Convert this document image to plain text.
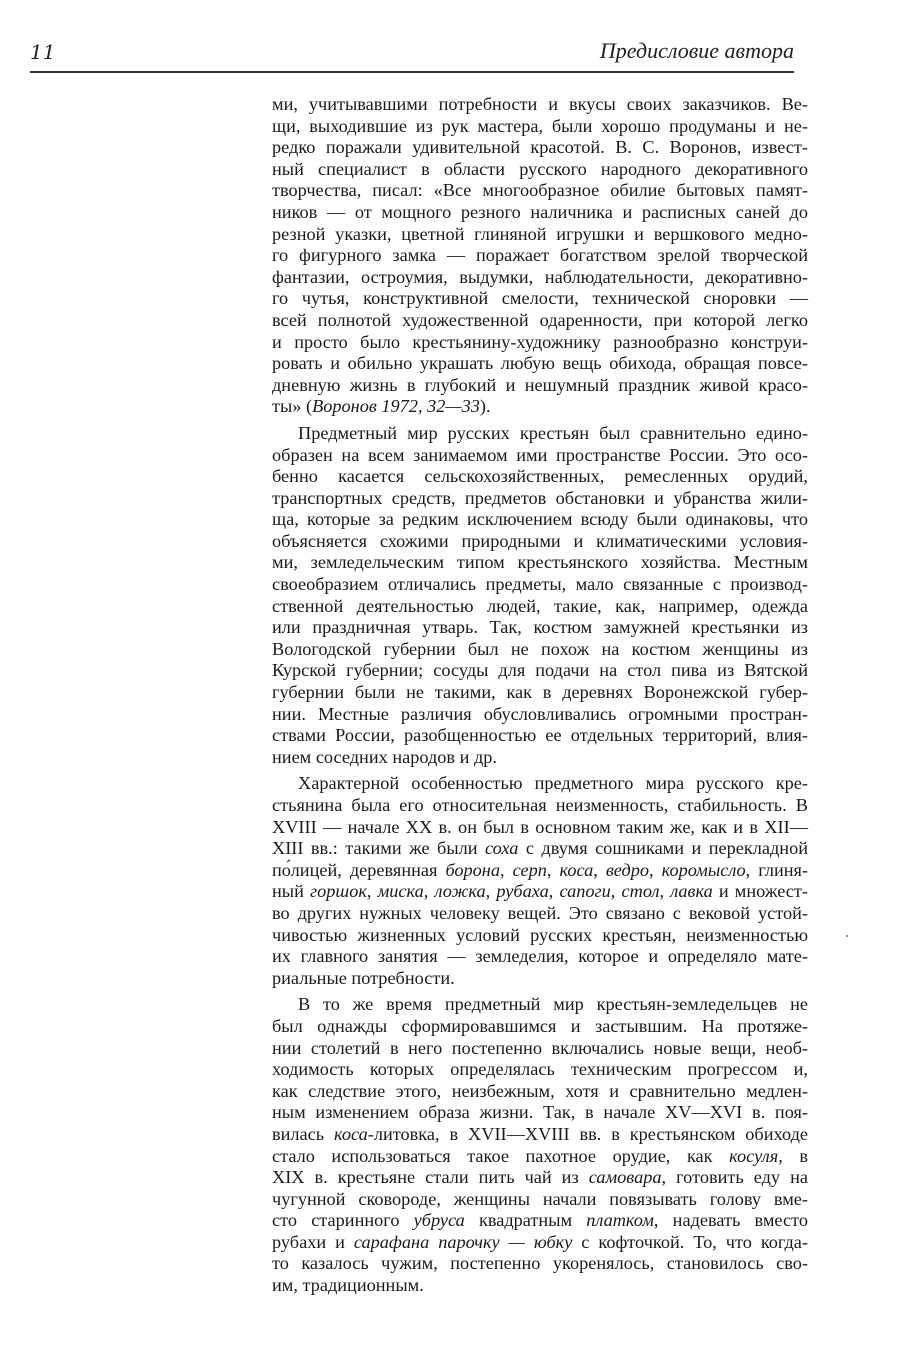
11	Предисловие автора
ми, учитывавшими потребности и вкусы своих заказчиков. Ве-
щи, выходившие из рук мастера, были хорошо продуманы и не-
редко поражали удивительной красотой. В. С. Воронов, извест-
ный специалист в области русского народного декоративного
творчества, писал: «Все многообразное обилие бытовых памят-
ников — от мощного резного наличника и расписных саней до
резной указки, цветной глиняной игрушки и вершкового медно-
го фигурного замка — поражает богатством зрелой творческой
фантазии, остроумия, выдумки, наблюдательности, декоративно-
го чутья, конструктивной смелости, технической сноровки —
всей полнотой художественной одаренности, при которой легко
и просто было крестьянину-художнику разнообразно конструи-
ровать и обильно украшать любую вещь обихода, обращая повсе-
дневную жизнь в глубокий и нешумный праздник живой красо-
ты» (Воронов 1972, 32—33).
Предметный мир русских крестьян был сравнительно едино-
образен на всем занимаемом ими пространстве России. Это осо-
бенно касается сельскохозяйственных, ремесленных орудий,
транспортных средств, предметов обстановки и убранства жили-
ща, которые за редким исключением всюду были одинаковы, что
объясняется схожими природными и климатическими условия-
ми, земледельческим типом крестьянского хозяйства. Местным
своеобразием отличались предметы, мало связанные с производ-
ственной деятельностью людей, такие, как, например, одежда
или праздничная утварь. Так, костюм замужней крестьянки из
Вологодской губернии был не похож на костюм женщины из
Курской губернии; сосуды для подачи на стол пива из Вятской
губернии были не такими, как в деревнях Воронежской губер-
нии. Местные различия обусловливались огромными простран-
ствами России, разобщенностью ее отдельных территорий, влия-
нием соседних народов и др.
Характерной особенностью предметного мира русского кре-
стьянина была его относительная неизменность, стабильность. В
XVIII — начале XX в. он был в основном таким же, как и в XII—
XIII вв.: такими же были соха с двумя сошниками и перекладной
по́лицей, деревянная борона, серп, коса, ведро, коромысло, глиня-
ный горшок, миска, ложка, рубаха, сапоги, стол, лавка и множест-
во других нужных человеку вещей. Это связано с вековой устой-
чивостью жизненных условий русских крестьян, неизменностью
их главного занятия — земледелия, которое и определяло мате-
риальные потребности.
В то же время предметный мир крестьян-земледельцев не
был однажды сформировавшимся и застывшим. На протяже-
нии столетий в него постепенно включались новые вещи, необ-
ходимость которых определялась техническим прогрессом и,
как следствие этого, неизбежным, хотя и сравнительно медлен-
ным изменением образа жизни. Так, в начале XV—XVI в. поя-
вилась коса-литовка, в XVII—XVIII вв. в крестьянском обиходе
стало использоваться такое пахотное орудие, как косуля, в
XIX в. крестьяне стали пить чай из самовара, готовить еду на
чугунной сковороде, женщины начали повязывать голову вме-
сто старинного убруса квадратным платком, надевать вместо
рубахи и сарафана парочку — юбку с кофточкой. То, что когда-
то казалось чужим, постепенно укоренялось, становилось сво-
им, традиционным.
